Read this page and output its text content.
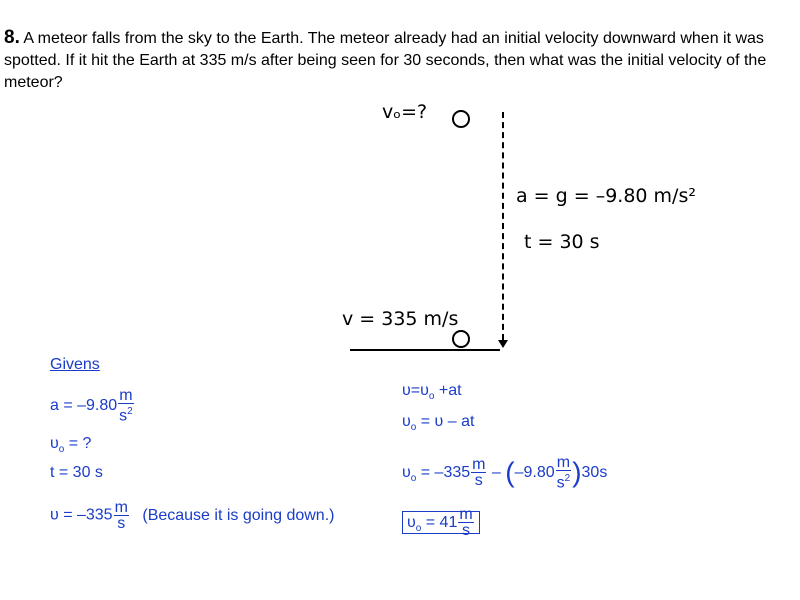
8. A meteor falls from the sky to the Earth. The meteor already had an initial velocity downward when it was spotted. If it hit the Earth at 335 m/s after being seen for 30 seconds, then what was the initial velocity of the meteor?
vₒ=?
a = g = –9.80 m/s²
t = 30 s
v = 335 m/s
Givens
$a = -9.80 \frac{m}{s^2}$
$\upsilon_o$ = ?
t = 30 s
$\upsilon = -335 \frac{m}{s}$ (Because it is going down.)
$\upsilon=\upsilon_o +at$
$\upsilon_o = \upsilon$ – at
$\upsilon_o = -335 \frac{m}{s} - (-9.80 \frac{m}{s^2} )30s$
$\upsilon_o = 41 \frac{m}{s}$
